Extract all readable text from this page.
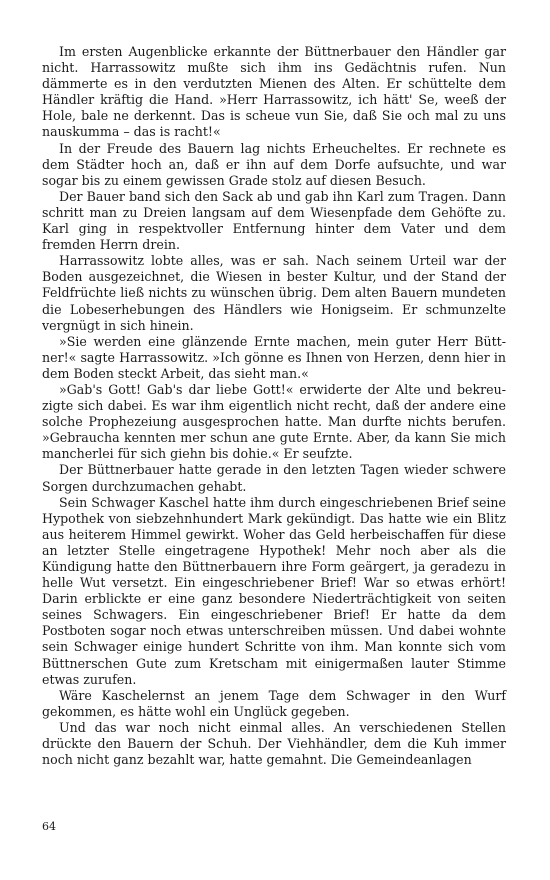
Im ersten Augenblicke erkannte der Büttnerbauer den Händler gar nicht. Harrassowitz mußte sich ihm ins Gedächtnis rufen. Nun dämmerte es in den verdutzten Mienen des Alten. Er schüttelte dem Händler kräftig die Hand. »Herr Harrassowitz, ich hätt' Se, weeß der Hole, bale ne derkennt. Das is scheue vun Sie, daß Sie och mal zu uns nauskumma – das is racht!«

In der Freude des Bauern lag nichts Erheucheltes. Er rechnete es dem Städter hoch an, daß er ihn auf dem Dorfe aufsuchte, und war sogar bis zu einem gewissen Grade stolz auf diesen Besuch.

Der Bauer band sich den Sack ab und gab ihn Karl zum Tragen. Dann schritt man zu Dreien langsam auf dem Wiesenpfade dem Gehöfte zu. Karl ging in respektvoller Entfernung hinter dem Vater und dem fremden Herrn drein.

Harrassowitz lobte alles, was er sah. Nach seinem Urteil war der Boden ausgezeichnet, die Wiesen in bester Kultur, und der Stand der Feldfrüchte ließ nichts zu wünschen übrig. Dem alten Bauern mundeten die Lobeserhebungen des Händlers wie Honigseim. Er schmunzelte vergnügt in sich hinein.

»Sie werden eine glänzende Ernte machen, mein guter Herr Büttner!« sagte Harrassowitz. »Ich gönne es Ihnen von Herzen, denn hier in dem Boden steckt Arbeit, das sieht man.«

»Gab's Gott! Gab's dar liebe Gott!« erwiderte der Alte und bekreuzigte sich dabei. Es war ihm eigentlich nicht recht, daß der andere eine solche Prophezeiung ausgesprochen hatte. Man durfte nichts berufen. »Gebraucha kennten mer schun ane gute Ernte. Aber, da kann Sie mich mancherlei für sich giehn bis dohie.« Er seufzte.

Der Büttnerbauer hatte gerade in den letzten Tagen wieder schwere Sorgen durchzumachen gehabt.

Sein Schwager Kaschel hatte ihm durch eingeschriebenen Brief seine Hypothek von siebzehnhundert Mark gekündigt. Das hatte wie ein Blitz aus heiterem Himmel gewirkt. Woher das Geld herbeischaffen für diese an letzter Stelle eingetragene Hypothek! Mehr noch aber als die Kündigung hatte den Büttnerbauern ihre Form geärgert, ja geradezu in helle Wut versetzt. Ein eingeschriebener Brief! War so etwas erhört! Darin erblickte er eine ganz besondere Niederträchtigkeit von seiten seines Schwagers. Ein eingeschriebener Brief! Er hatte da dem Postboten sogar noch etwas unterschreiben müssen. Und dabei wohnte sein Schwager einige hundert Schritte von ihm. Man konnte sich vom Büttnerschen Gute zum Kretscham mit einigermaßen lauter Stimme etwas zurufen.

Wäre Kaschelernst an jenem Tage dem Schwager in den Wurf gekommen, es hätte wohl ein Unglück gegeben.

Und das war noch nicht einmal alles. An verschiedenen Stellen drückte den Bauern der Schuh. Der Viehhändler, dem die Kuh immer noch nicht ganz bezahlt war, hatte gemahnt. Die Gemeindeanlagen

64
